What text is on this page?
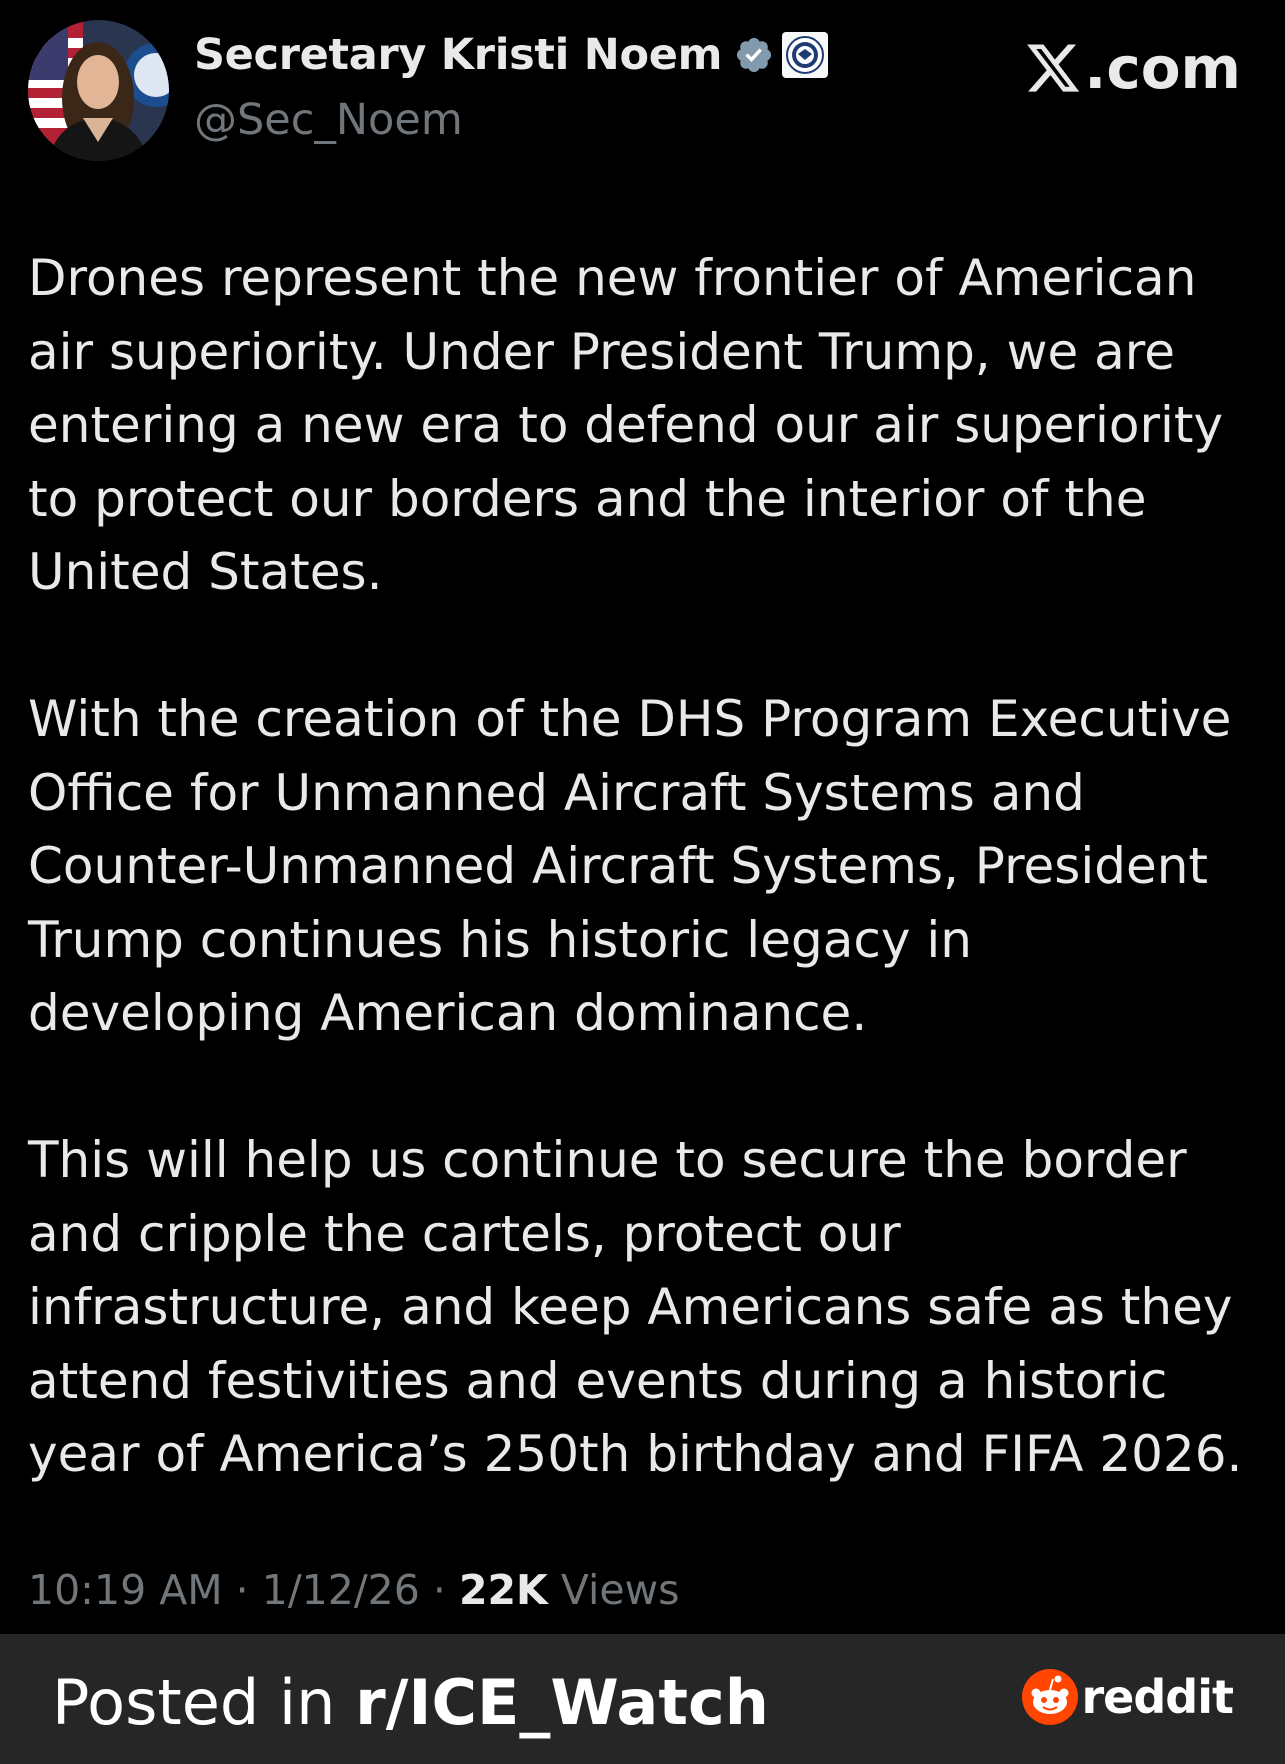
Secretary Kristi Noem
@Sec_Noem
.com

Drones represent the new frontier of American air superiority. Under President Trump, we are entering a new era to defend our air superiority to protect our borders and the interior of the United States.

With the creation of the DHS Program Executive Office for Unmanned Aircraft Systems and Counter-Unmanned Aircraft Systems, President Trump continues his historic legacy in developing American dominance.

This will help us continue to secure the border and cripple the cartels, protect our infrastructure, and keep Americans safe as they attend festivities and events during a historic year of America’s 250th birthday and FIFA 2026.

10:19 AM · 1/12/26 · 22K Views
Posted in r/ICE_Watch	reddit
